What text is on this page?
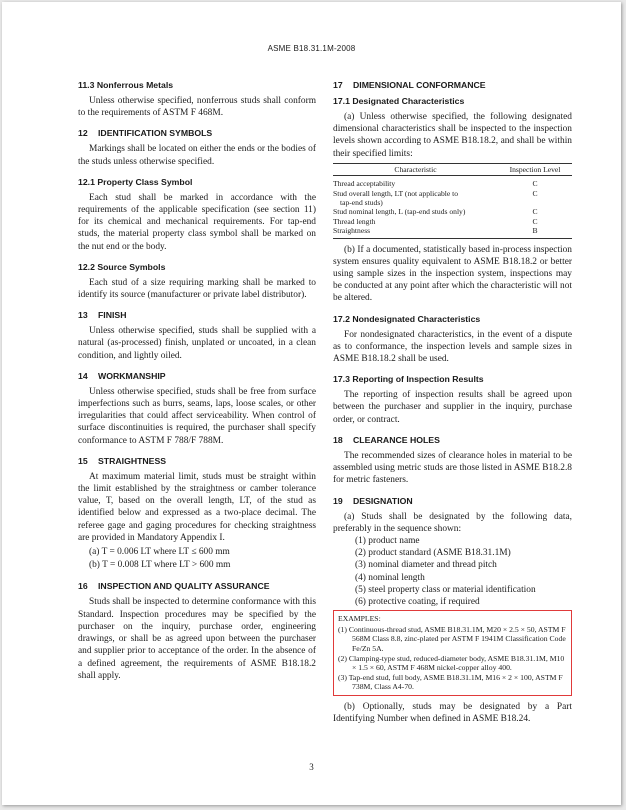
ASME B18.31.1M-2008
11.3 Nonferrous Metals

Unless otherwise specified, nonferrous studs shall conform to the requirements of ASTM F 468M.

12 IDENTIFICATION SYMBOLS

Markings shall be located on either the ends or the bodies of the studs unless otherwise specified.

12.1 Property Class Symbol

Each stud shall be marked in accordance with the requirements of the applicable specification (see section 11) for its chemical and mechanical requirements. For tap-end studs, the material property class symbol shall be marked on the nut end or the body.

12.2 Source Symbols

Each stud of a size requiring marking shall be marked to identify its source (manufacturer or private label distributor).

13 FINISH

Unless otherwise specified, studs shall be supplied with a natural (as-processed) finish, unplated or uncoated, in a clean condition, and lightly oiled.

14 WORKMANSHIP

Unless otherwise specified, studs shall be free from surface imperfections such as burrs, seams, laps, loose scales, or other irregularities that could affect serviceability. When control of surface discontinuities is required, the purchaser shall specify conformance to ASTM F 788/F 788M.

15 STRAIGHTNESS

At maximum material limit, studs must be straight within the limit established by the straightness or camber tolerance value, T, based on the overall length, LT, of the stud as identified below and expressed as a two-place decimal. The referee gage and gaging procedures for checking straightness are provided in Mandatory Appendix I.

(a) T = 0.006 LT where LT ≤ 600 mm
(b) T = 0.008 LT where LT > 600 mm
16 INSPECTION AND QUALITY ASSURANCE

Studs shall be inspected to determine conformance with this Standard. Inspection procedures may be specified by the purchaser on the inquiry, purchase order, engineering drawings, or shall be as agreed upon between the purchaser and supplier prior to acceptance of the order. In the absence of a defined agreement, the requirements of ASME B18.18.2 shall apply.

17 DIMENSIONAL CONFORMANCE
17.1 Designated Characteristics

(a) Unless otherwise specified, the following designated dimensional characteristics shall be inspected to the inspection levels shown according to ASME B18.18.2, and shall be within their specified limits:

Characteristic	Inspection Level
Thread acceptability	C
Stud overall length, LT (not applicable to	C
tap-end studs)	
Stud nominal length, L (tap-end studs only)	C
Thread length	C
Straightness	B

(b) If a documented, statistically based in-process inspection system ensures quality equivalent to ASME B18.18.2 or better using sample sizes in the inspection system, inspections may be conducted at any point after which the characteristic will not be altered.

17.2 Nondesignated Characteristics

For nondesignated characteristics, in the event of a dispute as to conformance, the inspection levels and sample sizes in ASME B18.18.2 shall be used.

17.3 Reporting of Inspection Results

The reporting of inspection results shall be agreed upon between the purchaser and supplier in the inquiry, purchase order, or contract.

18 CLEARANCE HOLES

The recommended sizes of clearance holes in material to be assembled using metric studs are those listed in ASME B18.2.8 for metric fasteners.

19 DESIGNATION

(a) Studs shall be designated by the following data, preferably in the sequence shown:

(1) product name
(2) product standard (ASME B18.31.1M)
(3) nominal diameter and thread pitch
(4) nominal length
(5) steel property class or material identification
(6) protective coating, if required
EXAMPLES:
(1) Continuous-thread stud, ASME B18.31.1M, M20 × 2.5 × 50, ASTM F 568M Class 8.8, zinc-plated per ASTM F 1941M Classification Code Fe/Zn 5A.
(2) Clamping-type stud, reduced-diameter body, ASME B18.31.1M, M10 × 1.5 × 60, ASTM F 468M nickel-copper alloy 400.
(3) Tap-end stud, full body, ASME B18.31.1M, M16 × 2 × 100, ASTM F 738M, Class A4-70.

(b) Optionally, studs may be designated by a Part Identifying Number when defined in ASME B18.24.

3
